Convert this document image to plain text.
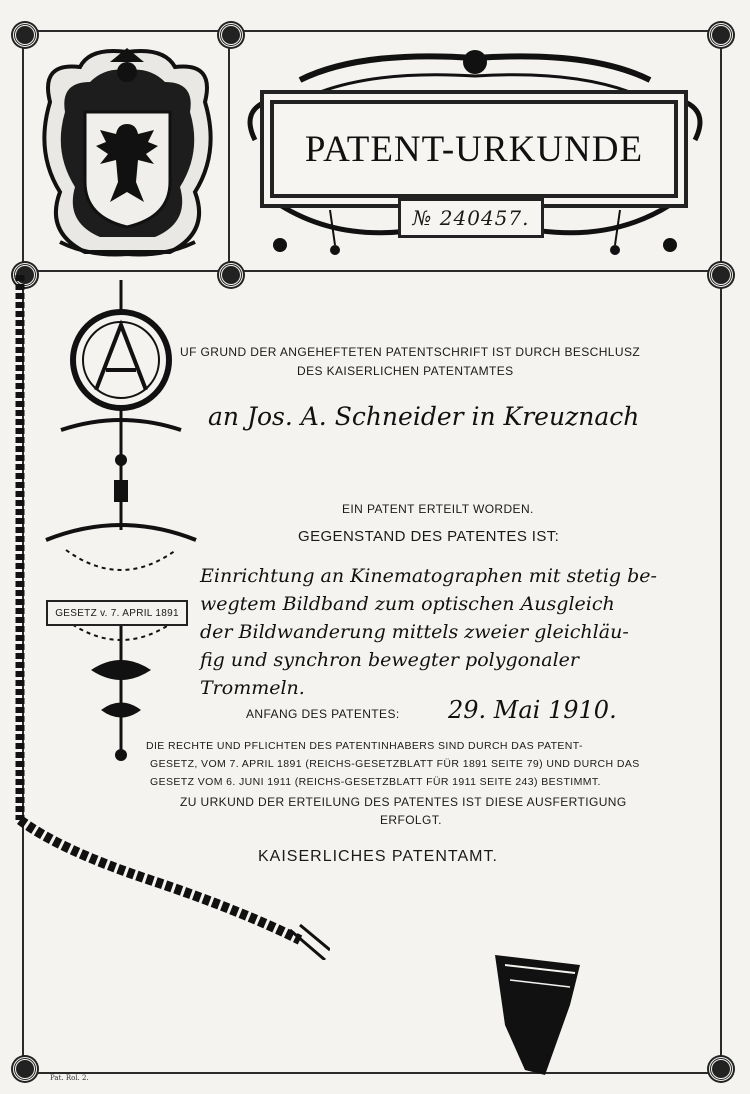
PATENT-URKUNDE
№ 240457.
GESETZ v. 7. APRIL 1891
UF GRUND DER ANGEHEFTETEN PATENTSCHRIFT IST DURCH BESCHLUSZ
DES KAISERLICHEN PATENTAMTES
an Jos. A. Schneider in Kreuznach
EIN PATENT ERTEILT WORDEN.
GEGENSTAND DES PATENTES IST:
Einrichtung an Kinematographen mit stetig be-
wegtem Bildband zum optischen Ausgleich
der Bildwanderung mittels zweier gleichläu-
fig und synchron bewegter polygonaler
Trommeln.
ANFANG DES PATENTES: 29. Mai 1910.
DIE RECHTE UND PFLICHTEN DES PATENTINHABERS SIND DURCH DAS PATENT-
GESETZ, VOM 7. APRIL 1891 (REICHS-GESETZBLATT FÜR 1891 SEITE 79) UND DURCH DAS
GESETZ VOM 6. JUNI 1911 (REICHS-GESETZBLATT FÜR 1911 SEITE 243) BESTIMMT.
ZU URKUND DER ERTEILUNG DES PATENTES IST DIESE AUSFERTIGUNG
ERFOLGT.
KAISERLICHES PATENTAMT.
Pat. Rol. 2.
